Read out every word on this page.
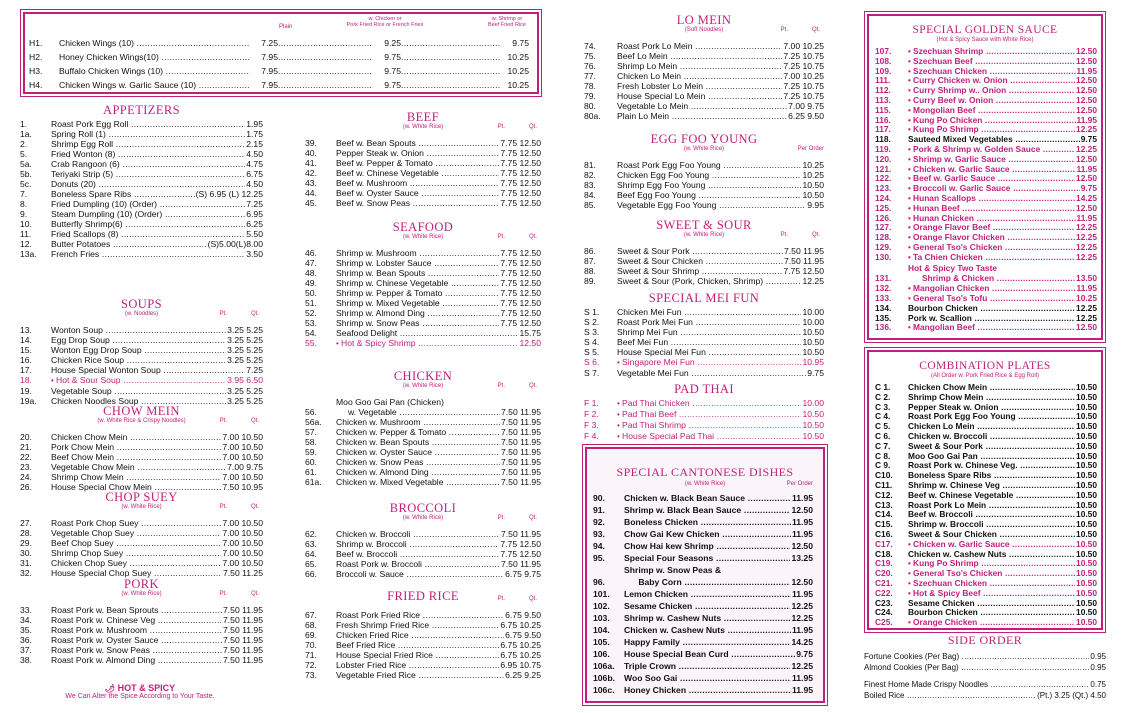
Plain
w. Chicken or
Pork Fried Rice or French Fries
w. Shrimp or
Beef Fried Rice
H1.	Chicken Wings (10) .....	7.25 .....	9.25 .....	9.75
H2.	Honey Chicken Wings(10) .....	7.95 .....	9.75 .....	10.25
H3.	Buffalo Chicken Wings (10) .....	7.95 .....	9.75 .....	10.25
H4.	Chicken Wings w. Garlic Sauce (10) .....	7.95 .....	9.75 .....	10.25
APPETIZERS
1.	Roast Pork Egg Roll .....	1.95
1a.	Spring Roll (1) .....	1.75
2.	Shrimp Egg Roll .....	2.15
5.	Fried Wonton (8) .....	4.50
5a.	Crab Rangoon (6) .....	4.75
5b.	Teriyaki Strip (5) .....	6.75
5c.	Donuts (20) .....	4.50
7.	Boneless Spare Ribs .....	(S) 6.95 (L) 12.25
8.	Fried Dumpling (10) (Order) .....	7.25
9.	Steam Dumpling (10) (Order) .....	6.95
10.	Butterfly Shrimp(6) .....	6.25
11.	Fried Scallops (8) .....	5.50
12.	Butter Potatoes .....	(S)5.00(L)8.00
13a.	French Fries .....	3.50
SOUPS
(w. Noodles)	Pt.	Qt.
13.	Wonton Soup .....	3.25 5.25
14.	Egg Drop Soup .....	3.25 5.25
15.	Wonton Egg Drop Soup .....	3.25 5.25
16.	Chicken Rice Soup .....	3.25 5.25
17.	House Special Wonton Soup .....	7.25
18.	• Hot & Sour Soup .....	3.95 6.50
19.	Vegetable Soup .....	3.25 5.25
19a.	Chicken Noodles Soup .....	3.25 5.25
CHOW MEIN
(w. White Rice & Crispy Noodles)	Pt.	Qt.
20.	Chicken Chow Mein .....	7.00 10.50
21.	Pork Chow Mein .....	7.00 10.50
22.	Beef Chow Mein .....	7.00 10.50
23.	Vegetable Chow Mein .....	7.00 9.75
24.	Shrimp Chow Mein .....	7.00 10.50
26.	House Special Chow Mein .....	7.50 10.95
CHOP SUEY
(w. White Rice)	Pt.	Qt.
27.	Roast Pork Chop Suey .....	7.00 10.50
28.	Vegetable Chop Suey .....	7.00 10.50
29.	Beef Chop Suey .....	7.00 10.50
30.	Shrimp Chop Suey .....	7.00 10.50
31.	Chicken Chop Suey .....	7.00 10.50
32.	House Special Chop Suey .....	7.50 11.25
PORK
(w. White Rice)	Pt.	Qt.
33.	Roast Pork w. Bean Sprouts .....	7.50 11.95
34.	Roast Pork w. Chinese Veg .....	7.50 11.95
35.	Roast Pork w. Mushroom .....	7.50 11.95
36.	Roast Pork w. Oyster Sauce .....	7.50 11.95
37.	Roast Pork w. Snow Peas .....	7.50 11.95
38.	Roast Pork w. Almond Ding .....	7.50 11.95
BEEF
(w. White Rice)	Pt.	Qt.
39.	Beef w. Bean Spouts .....	7.75 12.50
40.	Pepper Steak w. Onion .....	7.75 12.50
41.	Beef w. Pepper & Tomato .....	7.75 12.50
42.	Beef w. Chinese Vegetable .....	7.75 12.50
43.	Beef w. Mushroom .....	7.75 12.50
44.	Beef w. Oyster Sauce .....	7.75 12.50
45.	Beef w. Snow Peas .....	7.75 12.50
SEAFOOD
(w. White Rice)	Pt.	Qt.
46.	Shrimp w. Mushroom .....	7.75 12.50
47.	Shrimp w. Lobster Sauce .....	7.75 12.50
48.	Shrimp w. Bean Spouts .....	7.75 12.50
49.	Shrimp w. Chinese Vegetable .....	7.75 12.50
50.	Shrimp w. Pepper & Tomato .....	7.75 12.50
51.	Shrimp w. Mixed Vegetable .....	7.75 12.50
52.	Shrimp w. Almond Ding .....	7.75 12.50
53.	Shrimp w. Snow Peas .....	7.75 12.50
54.	Seafood Delight .....	15.75
55.	• Hot & Spicy Shrimp .....	12.50
CHICKEN
(w. White Rice)	Pt.	Qt.
56.
Moo Goo Gai Pan (Chicken)
w. Vegetable .....	7.50 11.95
56a.	Chicken w. Mushroom .....	7.50 11.95
57.	Chicken w. Pepper & Tomato .....	7.50 11.95
58.	Chicken w. Bean Spouts .....	7.50 11.95
59.	Chicken w. Oyster Sauce .....	7.50 11.95
60.	Chicken w. Snow Peas .....	7.50 11.95
61.	Chicken w. Almond Ding .....	7.50 11.95
61a.	Chicken w. Mixed Vegetable .....	7.50 11.95
BROCCOLI
(w. White Rice)	Pt.	Qt.
62.	Chicken w. Broccoli .....	7.50 11.95
63.	Shrimp w. Broccoli .....	7.75 12.50
64.	Beef w. Broccoli .....	7.75 12.50
65.	Roast Pork w. Broccoli .....	7.50 11.95
66.	Broccoli w. Sauce .....	6.75 9.75
FRIED RICE	Pt.	Qt.
67.	Roast Pork Fried Rice .....	6.75 9.50
68.	Fresh Shrimp Fried Rice .....	6.75 10.25
69.	Chicken Fried Rice .....	6.75 9.50
70.	Beef Fried Rice .....	6.75 10.25
71.	House Special Fried Rice .....	6.75 10.25
72.	Lobster Fried Rice .....	6.95 10.75
73.	Vegetable Fried Rice .....	6.25 9.25
LO MEIN
(Soft Noodles)	Pt.	Qt.
74.	Roast Pork Lo Mein .....	7.00 10.25
75.	Beef Lo Mein .....	7.25 10.75
76.	Shrimp Lo Mein .....	7.25 10.75
77.	Chicken Lo Mein .....	7.00 10.25
78.	Fresh Lobster Lo Mein .....	7.25 10.75
79.	House Special Lo Mein .....	7.25 10.75
80.	Vegetable Lo Mein .....	7.00 9.75
80a.	Plain Lo Mein .....	6.25 9.50
EGG FOO YOUNG
(w. White Rice)	Per Order
81.	Roast Pork Egg Foo Young .....	10.25
82.	Chicken Egg Foo Young .....	10.25
83.	Shrimp Egg Foo Young .....	10.50
84.	Beef Egg Foo Young .....	10.50
85.	Vegetable Egg Foo Young .....	9.95
SWEET & SOUR
(w. White Rice)	Pt.	Qt.
86.	Sweet & Sour Pork .....	7.50 11.95
87.	Sweet & Sour Chicken .....	7.50 11.95
88.	Sweet & Sour Shrimp .....	7.75 12.50
89.	Sweet & Sour (Pork, Chicken, Shrimp) .....	12.25
SPECIAL MEI FUN
S 1.	Chicken Mei Fun .....	10.00
S 2.	Roast Pork Mei Fun .....	10.00
S 3.	Shrimp Mei Fun .....	10.50
S 4.	Beef Mei Fun .....	10.50
S 5.	House Special Mei Fun .....	10.50
S 6.	• Singapore Mei Fun .....	10.95
S 7.	Vegetable Mei Fun .....	9.75
PAD THAI
F 1.	• Pad Thai Chicken .....	10.00
F 2.	• Pad Thai Beef .....	10.50
F 3.	• Pad Thai Shrimp .....	10.50
F 4.	• House Special Pad Thai .....	10.50
🌶︎ HOT & SPICY
We Can Alter the Spice According to Your Taste.
SPECIAL CANTONESE DISHES
(w. White Rice)	Per Order
90.	Chicken w. Black Bean Sauce .....	11.95
91.	Shrimp w. Black Bean Sauce .....	12.50
92.	Boneless Chicken .....	11.95
93.	Chow Gai Kew Chicken .....	11.95
94.	Chow Hai kew Shrimp .....	12.50
95.	Special Four Seasons .....	13.25
96.
Shrimp w. Snow Peas &
Baby Corn .....	12.50
101.	Lemon Chicken .....	11.95
102.	Sesame Chicken .....	12.25
103.	Shrimp w. Cashew Nuts .....	12.25
104.	Chicken w. Cashew Nuts .....	11.95
105.	Happy Family .....	14.25
106.	House Special Bean Curd .....	9.75
106a.	Triple Crown .....	12.25
106b.	Woo Soo Gai .....	11.95
106c.	Honey Chicken .....	11.95
SPECIAL GOLDEN SAUCE
(Hot & Spicy Sauce with White Rice)
107.	• Szechuan Shrimp .....	12.50
108.	• Szechuan Beef .....	12.50
109.	• Szechuan Chicken .....	11.95
111.	• Curry Chicken w. Onion .....	12.50
112.	• Curry Shrimp w.. Onion .....	12.50
113.	• Curry Beef w. Onion .....	12.50
115.	• Mongolian Beef .....	12.50
116.	• Kung Po Chicken .....	11.95
117.	• Kung Po Shrimp .....	12.25
118.	Sauteed Mixed Vegetables .....	9.75
119.	• Pork & Shrimp w. Golden Sauce .....	12.25
120.	• Shrimp w. Garlic Sauce .....	12.50
121.	• Chicken w. Garlic Sauce .....	11.95
122.	• Beef w. Garlic Sauce .....	12.50
123.	• Broccoli w. Garlic Sauce .....	9.75
124.	• Hunan Scallops .....	14.25
125.	• Hunan Beef .....	12.50
126.	• Hunan Chicken .....	11.95
127.	• Orange Flavor Beef .....	12.25
128.	• Orange Flavor Chicken .....	12.25
129.	• General Tso's Chicken .....	12.25
130.	• Ta Chien Chicken .....	12.25
131.
Hot & Spicy Two Taste
Shrimp & Chicken .....	13.50
132.	• Mangolian Chicken .....	11.95
133.	• General Tso's Tofu .....	10.25
134.	Bourbon Chicken .....	12.25
135.	Pork w. Scallion .....	12.25
136.	• Mangolian Beef .....	12.50
COMBINATION PLATES
(All Order w. Pork Fried Rice & Egg Roll)
C 1.	Chicken Chow Mein .....	10.50
C 2.	Shrimp Chow Mein .....	10.50
C 3.	Pepper Steak w. Onion .....	10.50
C 4.	Roast Pork Egg Foo Young .....	10.50
C 5.	Chicken Lo Mein .....	10.50
C 6.	Chicken w. Broccoli .....	10.50
C 7.	Sweet & Sour Pork .....	10.50
C 8.	Moo Goo Gai Pan .....	10.50
C 9.	Roast Pork w. Chinese Veg. .....	10.50
C10.	Boneless Spare Ribs .....	10.50
C11.	Shrimp w. Chinese Veg .....	10.50
C12.	Beef w. Chinese Vegetable .....	10.50
C13.	Roast Pork Lo Mein .....	10.50
C14.	Beef w. Broccoli .....	10.50
C15.	Shrimp w. Broccoli .....	10.50
C16.	Sweet & Sour Chicken .....	10.50
C17.	• Chicken w. Garlic Sauce .....	10.50
C18.	Chicken w. Cashew Nuts .....	10.50
C19.	• Kung Po Shrimp .....	10.50
C20.	• General Tso's Chicken .....	10.50
C21.	• Szechuan Chicken .....	10.50
C22.	• Hot & Spicy Beef .....	10.50
C23.	Sesame Chicken .....	10.50
C24.	Bourbon Chicken .....	10.50
C25.	• Orange Chicken .....	10.50
SIDE ORDER
Fortune Cookies (Per Bag) .....	0.95
Almond Cookies (Per Bag) .....	0.95
Finest Home Made Crispy Noodles .....	0.75
Boiled Rice .....	(Pt.) 3.25 (Qt.) 4.50
